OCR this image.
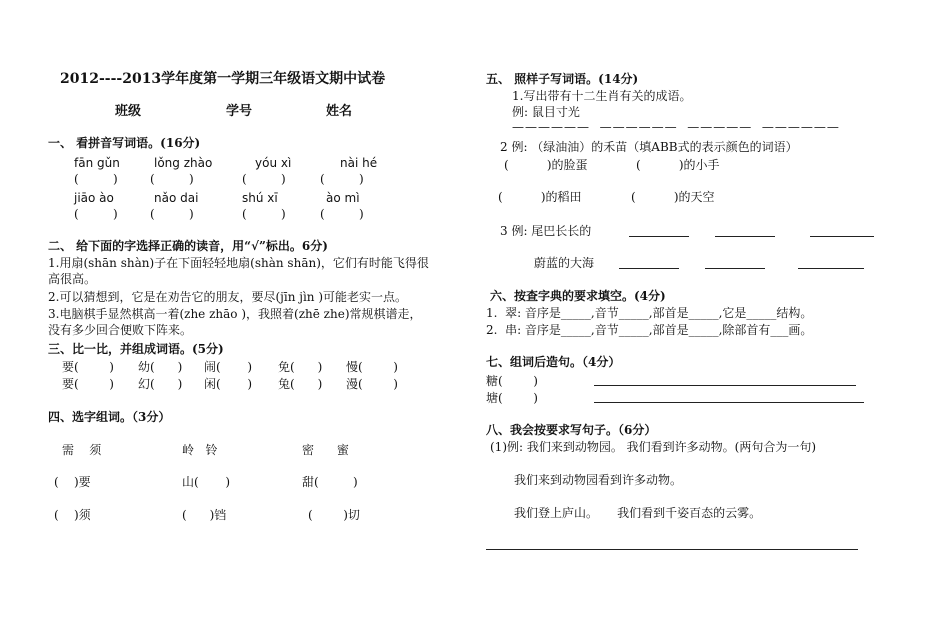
2012----2013学年度第一学期三年级语文期中试卷
班级	学号	姓名
一、 看拼音写词语。(16分)
fān gǔn	lǒng zhào	yóu xì	nài hé
(         )	(         )	(         )	(         )
jiāo ào	nǎo dai	shú xī	ào mì
(         )	(         )	(         )	(         )
二、 给下面的字选择正确的读音，用“√”标出。6分)
1.用扇(shān shàn)子在下面轻轻地扇(shàn shān)，它们有时能飞得很
高很高。
2.可以猜想到，它是在劝告它的朋友，要尽(jīn jìn )可能老实一点。
3.电脑棋手显然棋高一着(zhe zhāo )，我照着(zhē zhe)常规棋谱走，
没有多少回合便败下阵来。
三、比一比，并组成词语。(5分)
要(        ) 幼(      ) 闹(       ) 免(      ) 慢(        )
要(        ) 幻(      ) 闲(       ) 兔(      ) 漫(        )
四、选字组词。（3分）
需    须	岭   铃	密      蜜
(    )要	山(       )	甜(         )
(    )须	(      )铛	(        )切
五、 照样子写词语。(14分)
1.写出带有十二生肖有关的成语。
例: 鼠目寸光
——————  ——————  —————  ——————
2 例: （绿油油）的禾苗（填ABB式的表示颜色的词语）
(          )的脸蛋	(          )的小手
(          )的稻田	(          )的天空
3 例: 尾巴长长的
蔚蓝的大海
六、按查字典的要求填空。(4分)
1.  翠: 音序是_____,音节_____,部首是_____,它是_____结构。
2.  串: 音序是_____,音节_____,部首是_____,除部首有___画。
七、组词后造句。（4分）
糖(        )
塘(        )
八、我会按要求写句子。（6分）
(1)例: 我们来到动物园。 我们看到许多动物。(两句合为一句)
我们来到动物园看到许多动物。
我们登上庐山。     我们看到千姿百态的云雾。
